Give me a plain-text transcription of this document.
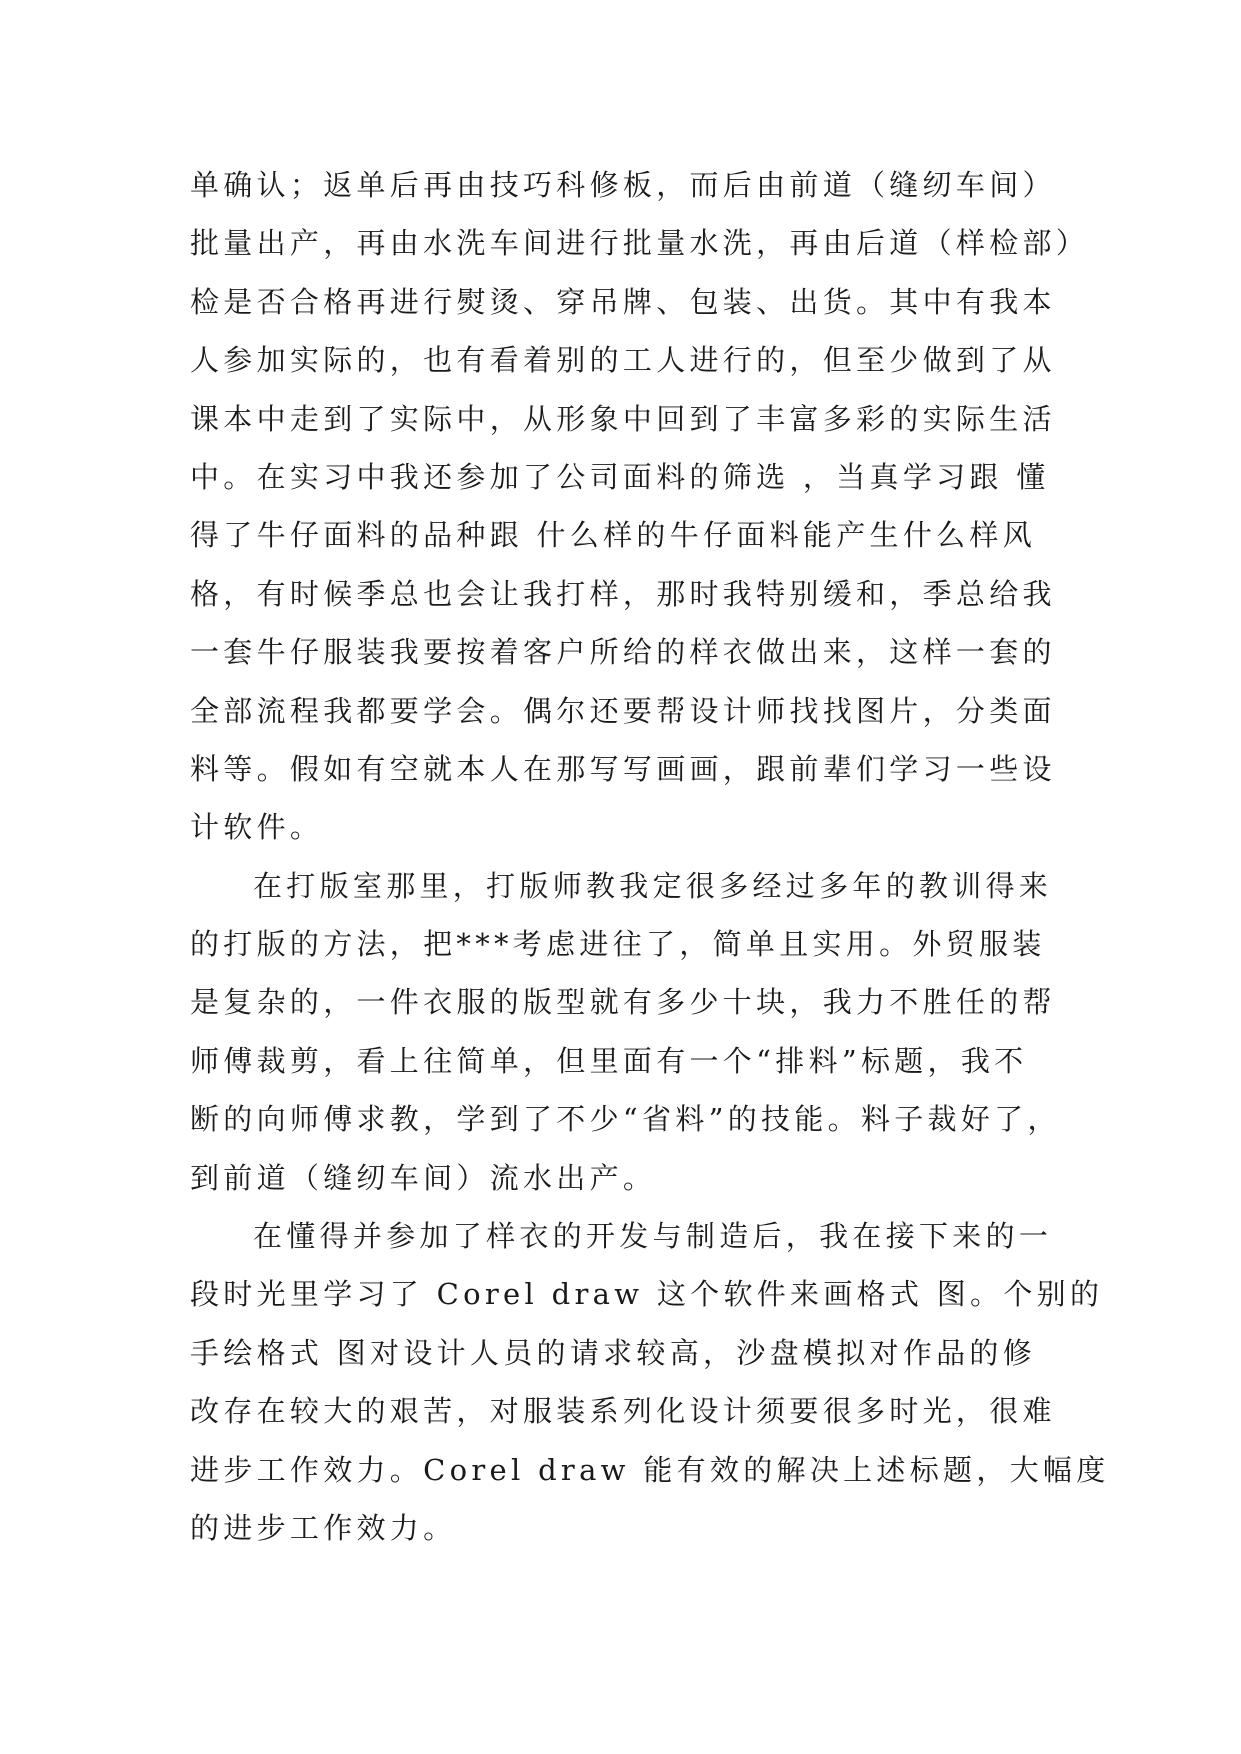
单确认；返单后再由技巧科修板，而后由前道（缝纫车间）
批量出产，再由水洗车间进行批量水洗，再由后道（样检部）
检是否合格再进行熨烫、穿吊牌、包装、出货。其中有我本
人参加实际的，也有看着别的工人进行的，但至少做到了从
课本中走到了实际中，从形象中回到了丰富多彩的实际生活
中。在实习中我还参加了公司面料的筛选 ，当真学习跟 懂
得了牛仔面料的品种跟 什么样的牛仔面料能产生什么样风
格，有时候季总也会让我打样，那时我特别缓和，季总给我
一套牛仔服装我要按着客户所给的样衣做出来，这样一套的
全部流程我都要学会。偶尔还要帮设计师找找图片，分类面
料等。假如有空就本人在那写写画画，跟前辈们学习一些设
计软件。
在打版室那里，打版师教我定很多经过多年的教训得来
的打版的方法，把***考虑进往了，简单且实用。外贸服装
是复杂的，一件衣服的版型就有多少十块，我力不胜任的帮
师傅裁剪，看上往简单，但里面有一个“排料”标题，我不
断的向师傅求教，学到了不少“省料”的技能。料子裁好了，
到前道（缝纫车间）流水出产。
在懂得并参加了样衣的开发与制造后，我在接下来的一
段时光里学习了 Corel draw 这个软件来画格式 图。个别的
手绘格式 图对设计人员的请求较高，沙盘模拟对作品的修
改存在较大的艰苦，对服装系列化设计须要很多时光，很难
进步工作效力。Corel draw 能有效的解决上述标题，大幅度
的进步工作效力。
